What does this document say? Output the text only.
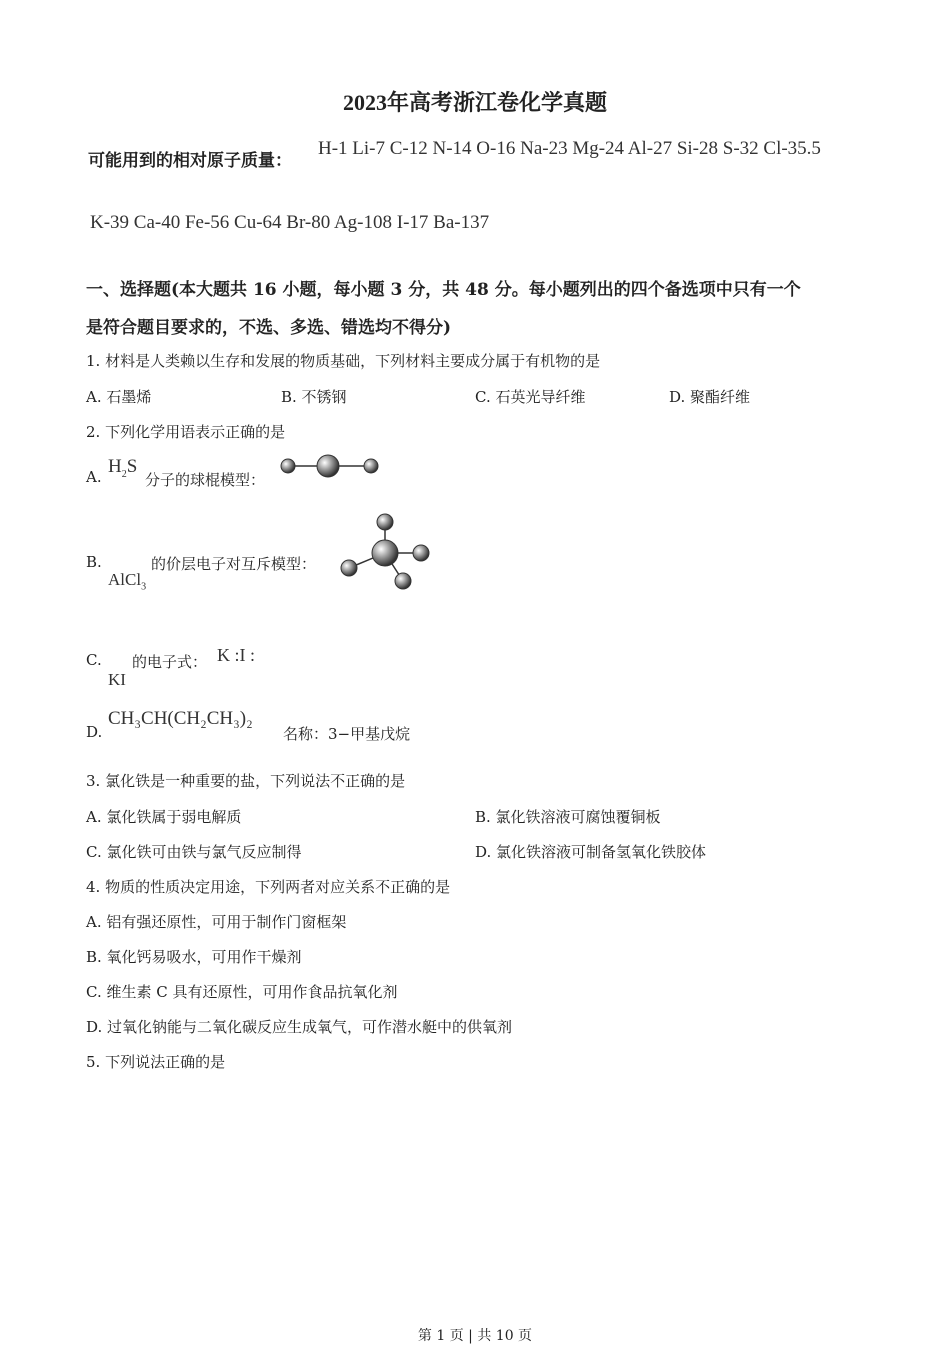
2023年高考浙江卷化学真题
可能用到的相对原子质量：
H-1 Li-7 C-12 N-14 O-16 Na-23 Mg-24 Al-27 Si-28 S-32 Cl-35.5
K-39 Ca-40 Fe-56 Cu-64 Br-80 Ag-108 I-17 Ba-137
一、选择题(本大题共 16 小题，每小题 3 分，共 48 分。每小题列出的四个备选项中只有一个
是符合题目要求的，不选、多选、错选均不得分)
1. 材料是人类赖以生存和发展的物质基础，下列材料主要成分属于有机物的是
A. 石墨烯	B. 不锈钢	C. 石英光导纤维	D. 聚酯纤维
2. 下列化学用语表示正确的是
A. $H_2S$
分子的球棍模型：
B.
AlCl$_3$
的价层电子对互斥模型：
C.
KI
的电子式： K :I :
D.
CH₃CH(CH₂CH₃)₂
名称：3−甲基戊烷
3. 氯化铁是一种重要的盐，下列说法不正确的是
A. 氯化铁属于弱电解质	B. 氯化铁溶液可腐蚀覆铜板
C. 氯化铁可由铁与氯气反应制得	D. 氯化铁溶液可制备氢氧化铁胶体
4. 物质的性质决定用途，下列两者对应关系不正确的是
A. 铝有强还原性，可用于制作门窗框架
B. 氧化钙易吸水，可用作干燥剂
C. 维生素 C 具有还原性，可用作食品抗氧化剂
D. 过氧化钠能与二氧化碳反应生成氧气，可作潜水艇中的供氧剂
5. 下列说法正确的是
第 1 页 | 共 10 页
